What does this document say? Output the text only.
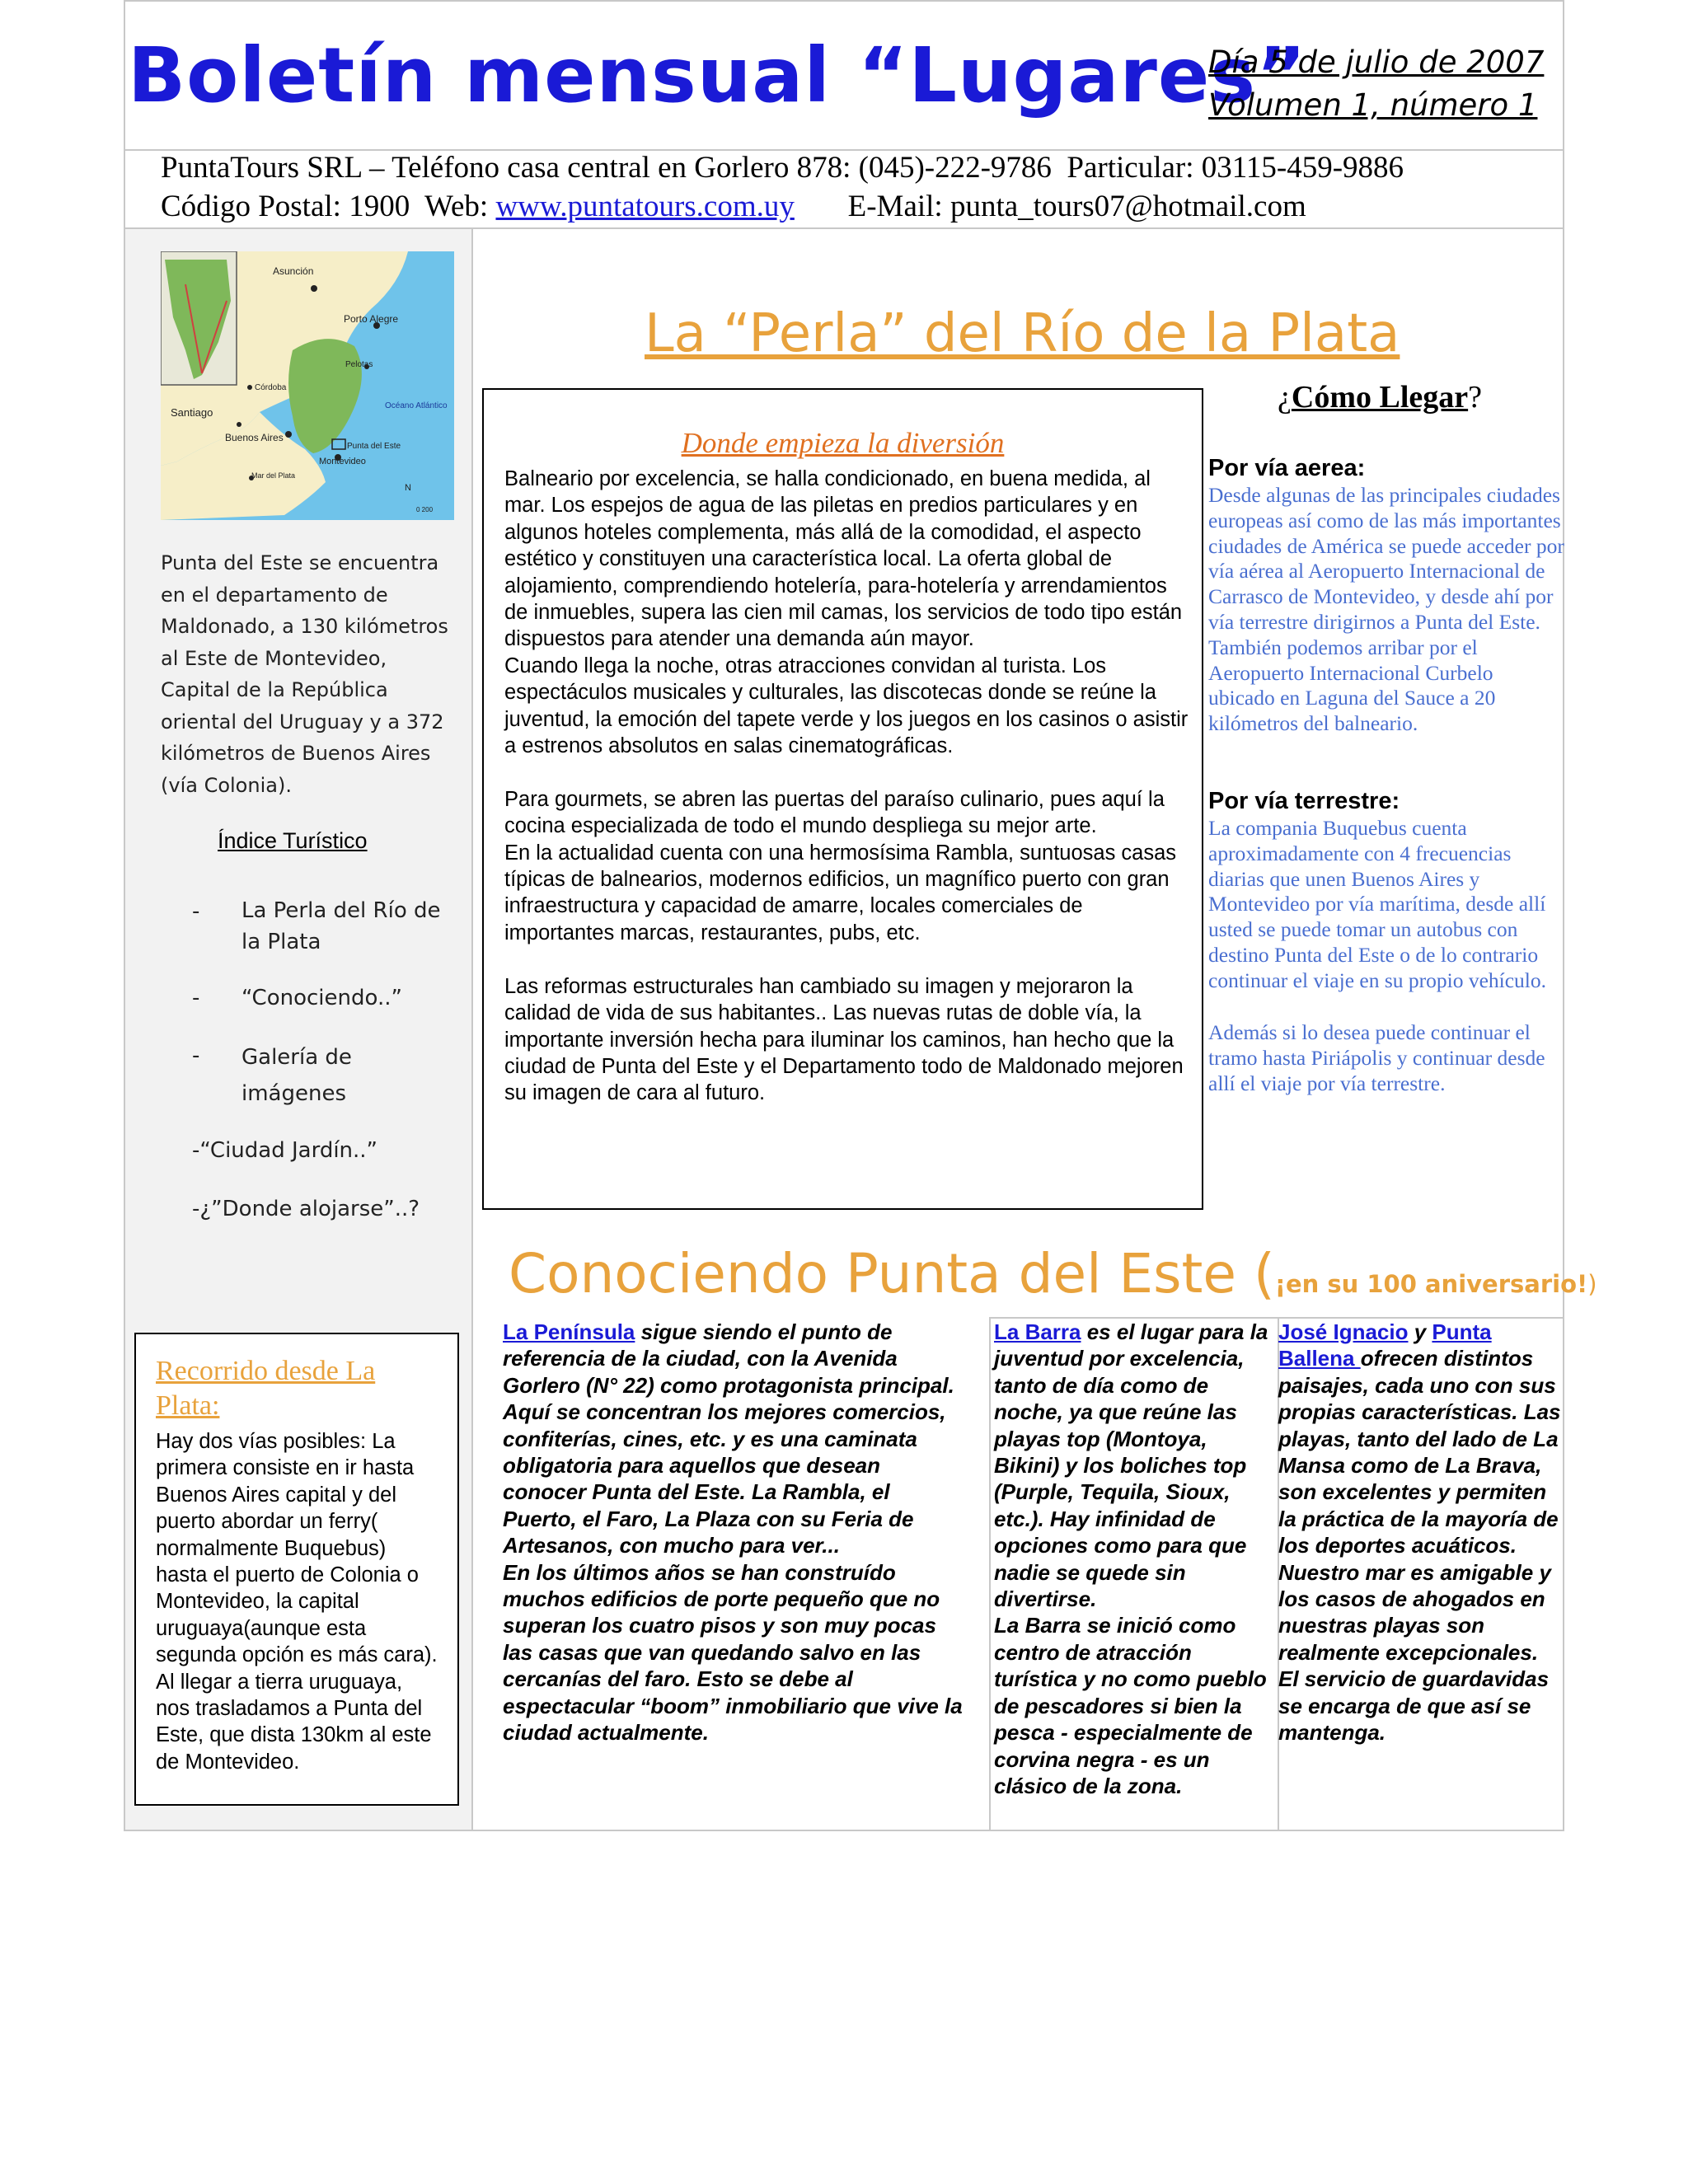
Boletín mensual “Lugares”
Día 5 de julio de 2007
Volumen 1, número 1
PuntaTours SRL – Teléfono casa central en Gorlero 878: (045)-222-9786  Particular: 03115-459-9886
Código Postal: 1900  Web: www.puntatours.com.uy E-Mail: punta_tours07@hotmail.com
Asunción
Porto Alegre
Pelotas
Córdoba
Santiago
Buenos Aires
Océano Atlántico
Punta del Este
Montevideo
Mar del Plata
N
0 200
Punta del Este se encuentra en el departamento de Maldonado, a 130 kilómetros al Este de Montevideo, Capital de la República oriental del Uruguay y a 372 kilómetros de Buenos Aires (vía Colonia).
Índice Turístico
- La Perla del Río de
la Plata
- “Conociendo..”
- Galería de
imágenes
-“Ciudad Jardín..”
-¿”Donde alojarse”..?
Recorrido desde La Plata:
Hay dos vías posibles: La primera consiste en ir hasta Buenos Aires capital y del puerto abordar un ferry( normalmente Buquebus) hasta el puerto de Colonia o Montevideo, la capital uruguaya(aunque esta segunda opción es más cara). Al llegar a tierra uruguaya, nos trasladamos a Punta del Este, que dista 130km al este de Montevideo.
La “Perla” del Río de la Plata
Donde empieza la diversión

Balneario por excelencia, se halla condicionado, en buena medida, al mar. Los espejos de agua de las piletas en predios particulares y en algunos hoteles complementa, más allá de la comodidad, el aspecto estético y constituyen una característica local. La oferta global de alojamiento, comprendiendo hotelería, para-hotelería y arrendamientos de inmuebles, supera las cien mil camas, los servicios de todo tipo están dispuestos para atender una demanda aún mayor.

Cuando llega la noche, otras atracciones convidan al turista. Los espectáculos musicales y culturales, las discotecas donde se reúne la juventud, la emoción del tapete verde y los juegos en los casinos o asistir a estrenos absolutos en salas cinematográficas.

Para gourmets, se abren las puertas del paraíso culinario, pues aquí la cocina especializada de todo el mundo despliega su mejor arte.

En la actualidad cuenta con una hermosísima Rambla, suntuosas casas típicas de balnearios, modernos edificios, un magnífico puerto con gran infraestructura y capacidad de amarre, locales comerciales de importantes marcas, restaurantes, pubs, etc.

Las reformas estructurales han cambiado su imagen y mejoraron la calidad de vida de sus habitantes.. Las nuevas rutas de doble vía, la importante inversión hecha para iluminar los caminos, han hecho que la ciudad de Punta del Este y el Departamento todo de Maldonado mejoren su imagen de cara al futuro.

¿Cómo Llegar?
Por vía aerea:
Desde algunas de las principales ciudades europeas así como de las más importantes ciudades de América se puede acceder por vía aérea al Aeropuerto Internacional de Carrasco de Montevideo, y desde ahí por vía terrestre dirigirnos a Punta del Este. También podemos arribar por el Aeropuerto Internacional Curbelo ubicado en Laguna del Sauce a 20 kilómetros del balneario.
Por vía terrestre:
La compania Buquebus cuenta aproximadamente con 4 frecuencias diarias que unen Buenos Aires y Montevideo por vía marítima, desde allí usted se puede tomar un autobus con destino Punta del Este o de lo contrario continuar el viaje en su propio vehículo.
Además si lo desea puede continuar el tramo hasta Piriápolis y continuar desde allí el viaje por vía terrestre.
Conociendo Punta del Este (¡en su 100 aniversario!)
La Península sigue siendo el punto de referencia de la ciudad, con la Avenida Gorlero (N° 22) como protagonista principal. Aquí se concentran los mejores comercios, confiterías, cines, etc. y es una caminata obligatoria para aquellos que desean conocer Punta del Este. La Rambla, el Puerto, el Faro, La Plaza con su Feria de Artesanos, con mucho para ver...
En los últimos años se han construído muchos edificios de porte pequeño que no superan los cuatro pisos y son muy pocas las casas que van quedando salvo en las cercanías del faro. Esto se debe al espectacular “boom” inmobiliario que vive la ciudad actualmente.
La Barra es el lugar para la juventud por excelencia, tanto de día como de noche, ya que reúne las playas top (Montoya, Bikini) y los boliches top (Purple, Tequila, Sioux, etc.). Hay infinidad de opciones como para que nadie se quede sin divertirse.
La Barra se inició como centro de atracción turística y no como pueblo de pescadores si bien la pesca - especialmente de corvina negra - es un clásico de la zona.
José Ignacio y Punta Ballena ofrecen distintos paisajes, cada uno con sus propias características. Las playas, tanto del lado de La Mansa como de La Brava, son excelentes y permiten la práctica de la mayoría de los deportes acuáticos. Nuestro mar es amigable y los casos de ahogados en nuestras playas son realmente excepcionales. El servicio de guardavidas se encarga de que así se mantenga.
